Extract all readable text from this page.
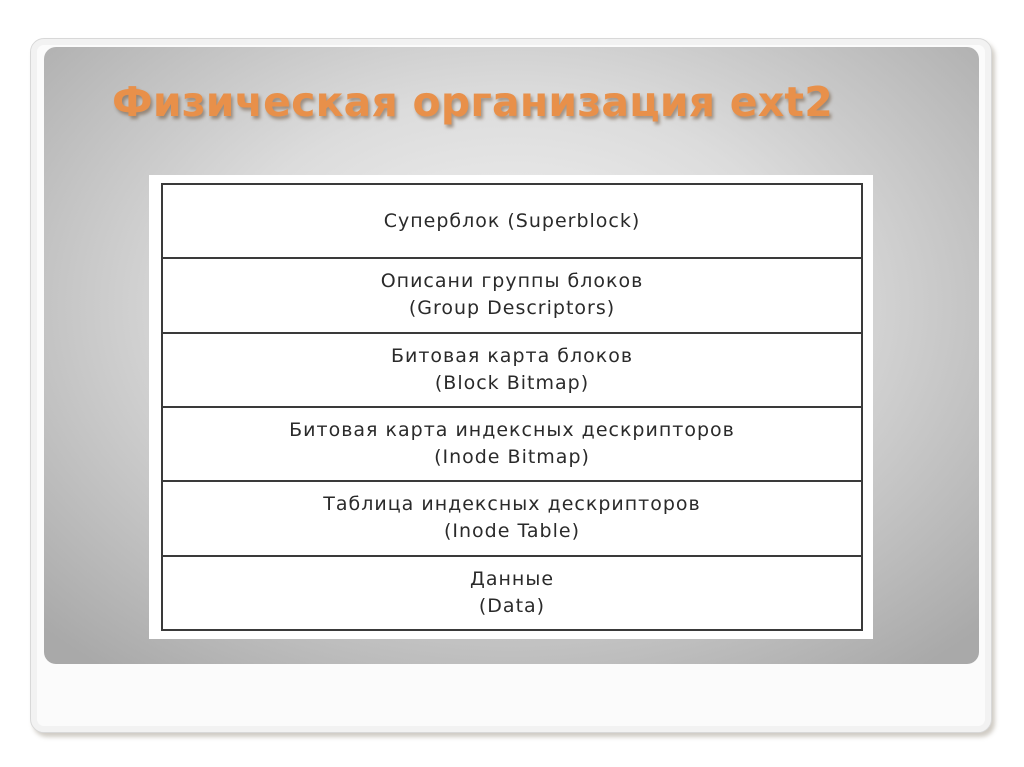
Физическая организация ext2
Суперблок (Superblock)
Описани группы блоков
(Group Descriptors)
Битовая карта блоков
(Block Bitmap)
Битовая карта индексных дескрипторов
(Inode Bitmap)
Таблица индексных дескрипторов
(Inode Table)
Данные
(Data)
